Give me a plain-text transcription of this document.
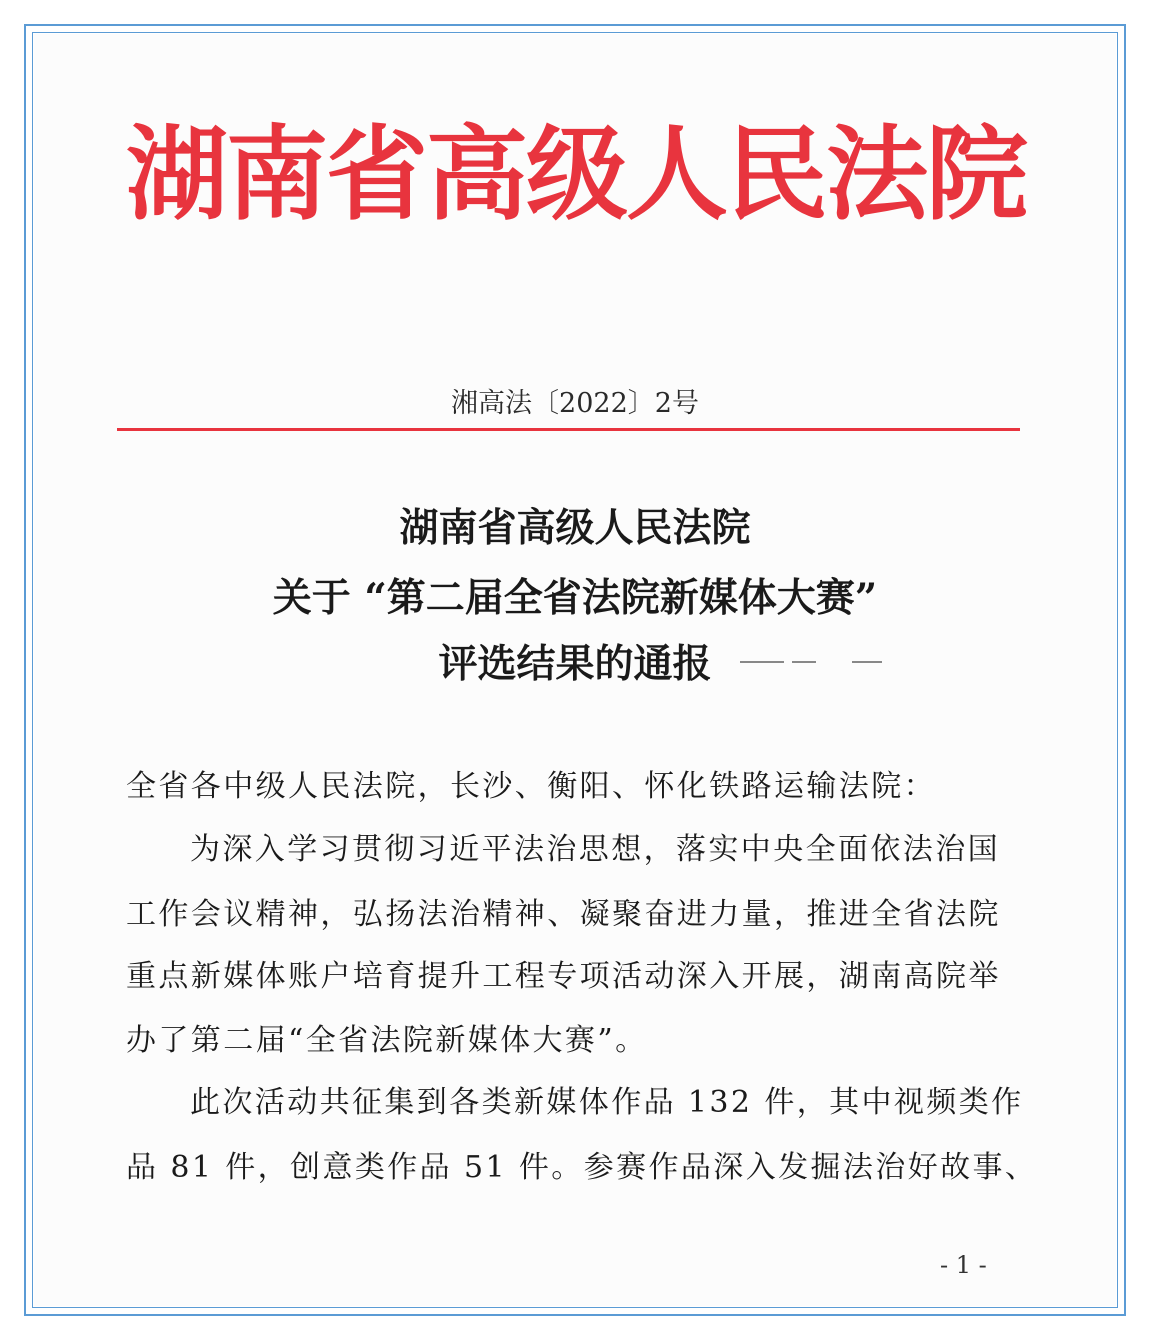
湖南省高级人民法院
湘高法〔2022〕2号
湖南省高级人民法院
关于 “第二届全省法院新媒体大赛”
评选结果的通报
全省各中级人民法院，长沙、衡阳、怀化铁路运输法院：
为深入学习贯彻习近平法治思想，落实中央全面依法治国
工作会议精神，弘扬法治精神、凝聚奋进力量，推进全省法院
重点新媒体账户培育提升工程专项活动深入开展，湖南高院举
办了第二届“全省法院新媒体大赛”。
此次活动共征集到各类新媒体作品 132 件，其中视频类作
品 81 件，创意类作品 51 件。参赛作品深入发掘法治好故事、
- 1 -
